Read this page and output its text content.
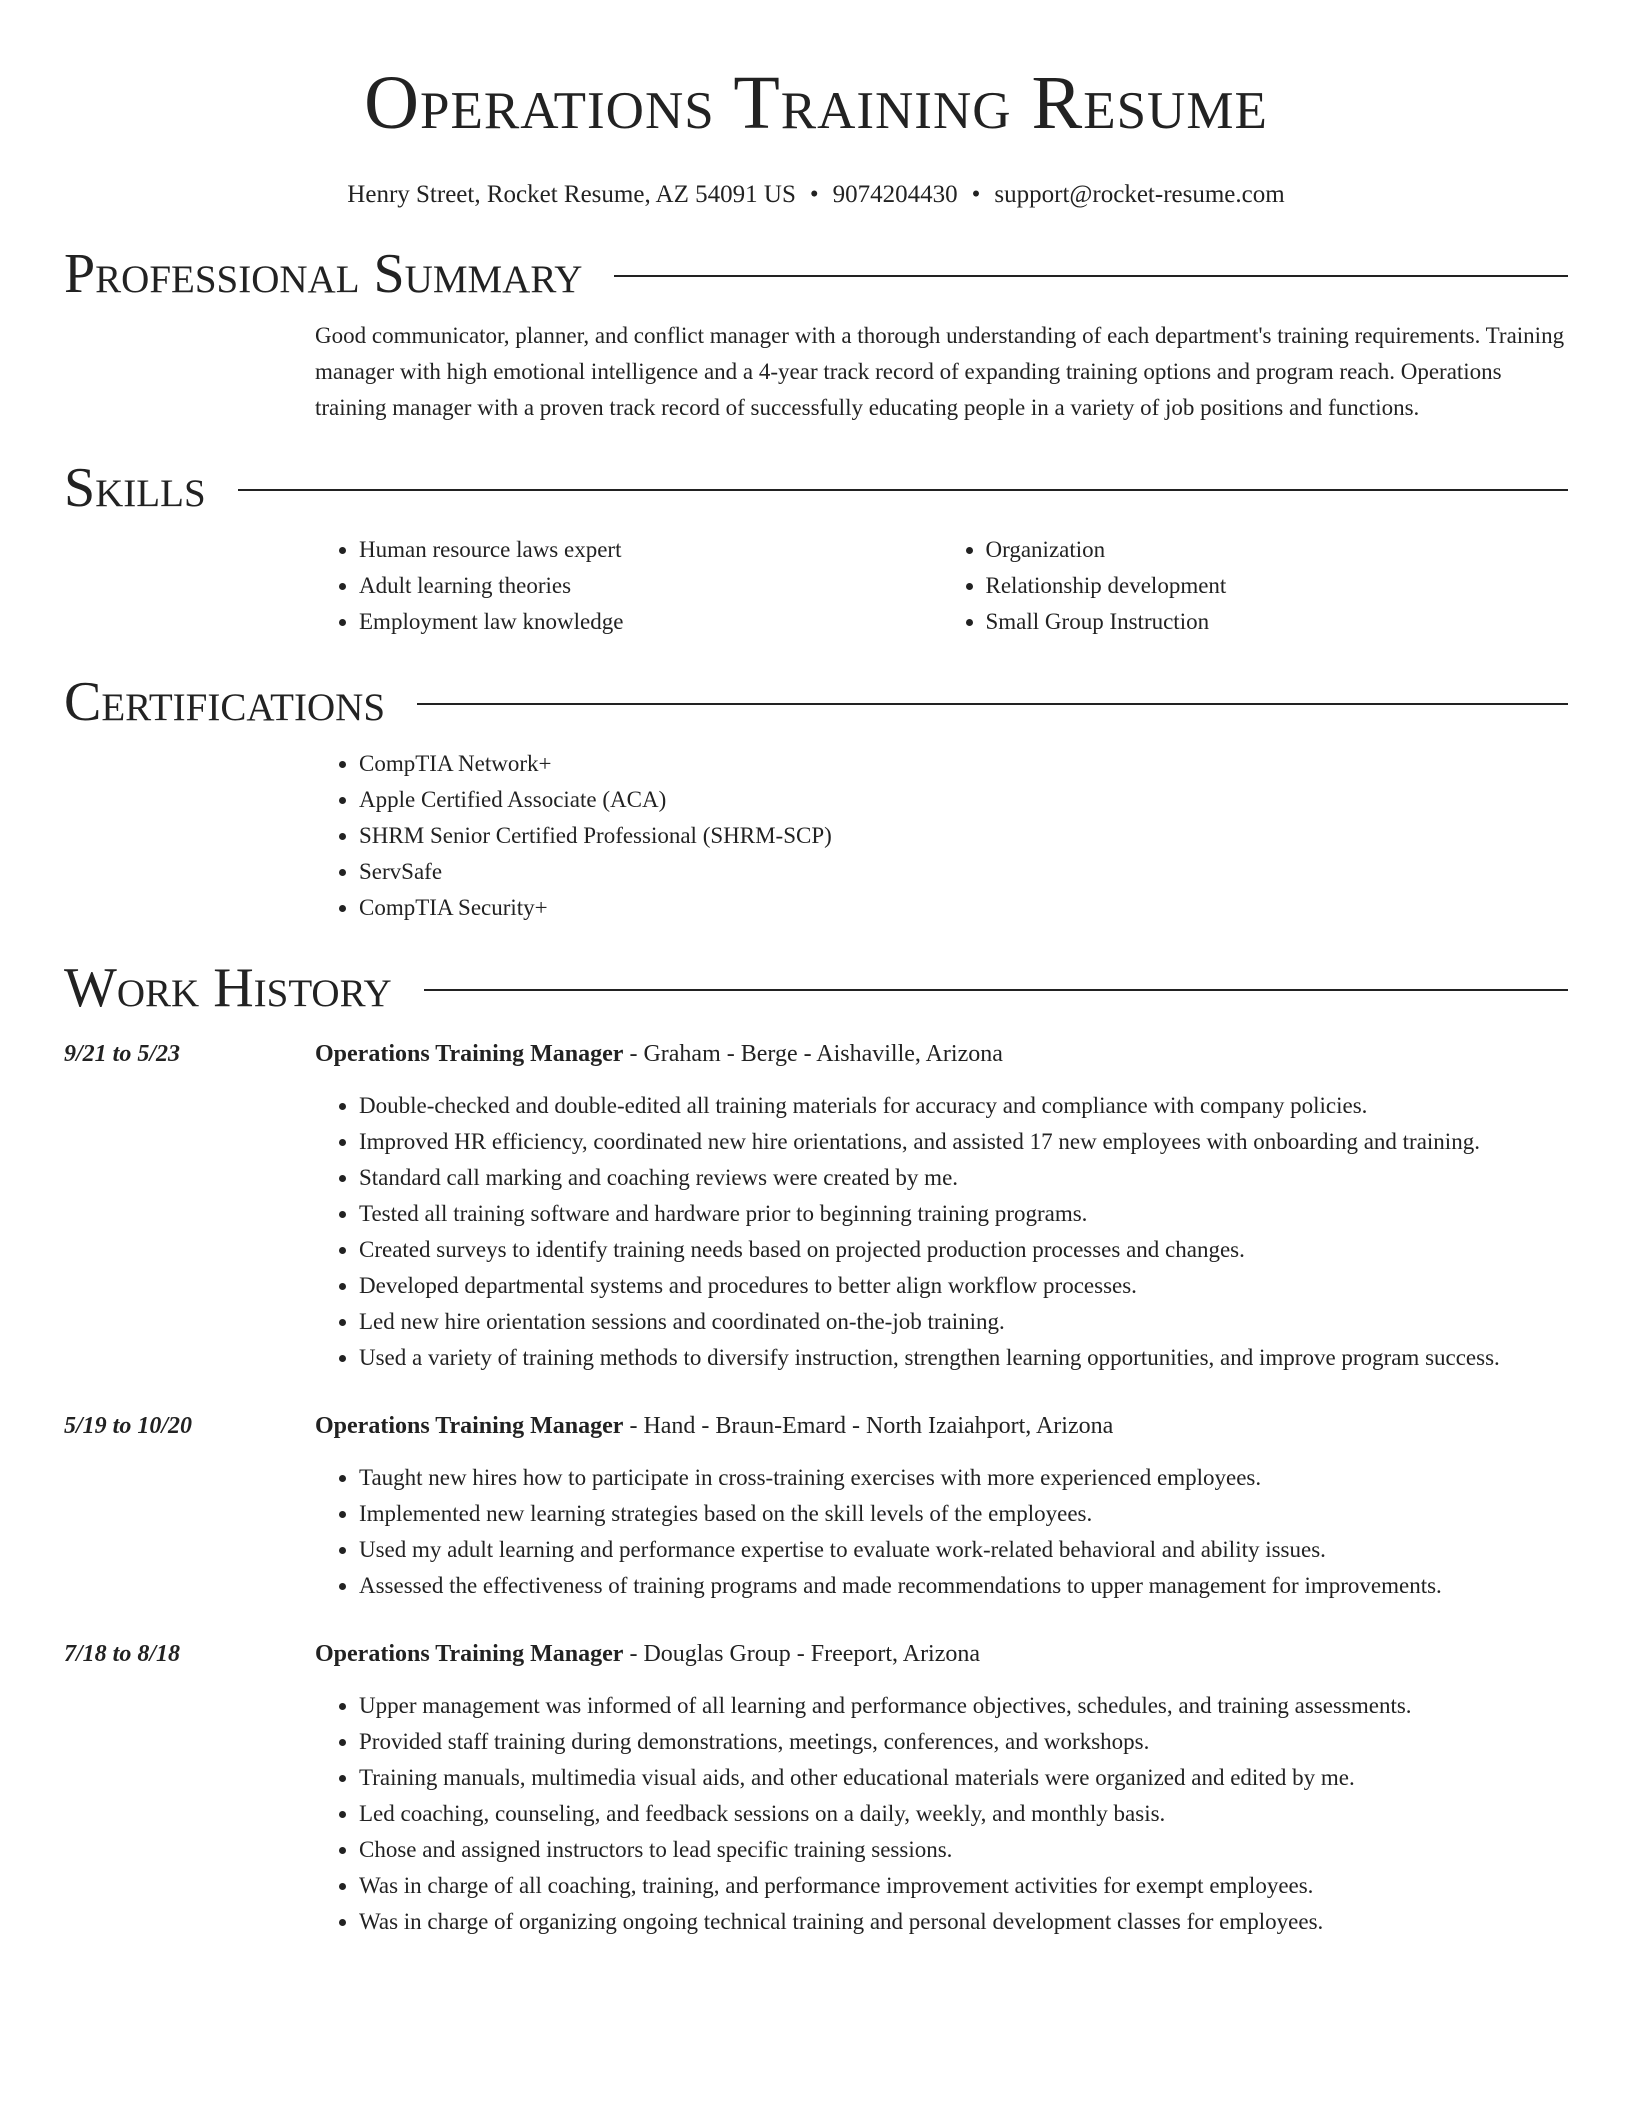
Operations Training Resume
Henry Street, Rocket Resume, AZ 54091 US • 9074204430 • support@rocket-resume.com
Professional Summary
Good communicator, planner, and conflict manager with a thorough understanding of each department's training requirements. Training manager with high emotional intelligence and a 4-year track record of expanding training options and program reach. Operations training manager with a proven track record of successfully educating people in a variety of job positions and functions.
Skills
• Human resource laws expert
• Adult learning theories
• Employment law knowledge
• Organization
• Relationship development
• Small Group Instruction
Certifications
• CompTIA Network+
• Apple Certified Associate (ACA)
• SHRM Senior Certified Professional (SHRM-SCP)
• ServSafe
• CompTIA Security+
Work History
9/21 to 5/23	Operations Training Manager - Graham - Berge - Aishaville, Arizona
• Double-checked and double-edited all training materials for accuracy and compliance with company policies.
• Improved HR efficiency, coordinated new hire orientations, and assisted 17 new employees with onboarding and training.
• Standard call marking and coaching reviews were created by me.
• Tested all training software and hardware prior to beginning training programs.
• Created surveys to identify training needs based on projected production processes and changes.
• Developed departmental systems and procedures to better align workflow processes.
• Led new hire orientation sessions and coordinated on-the-job training.
• Used a variety of training methods to diversify instruction, strengthen learning opportunities, and improve program success.
5/19 to 10/20	Operations Training Manager - Hand - Braun-Emard - North Izaiahport, Arizona
• Taught new hires how to participate in cross-training exercises with more experienced employees.
• Implemented new learning strategies based on the skill levels of the employees.
• Used my adult learning and performance expertise to evaluate work-related behavioral and ability issues.
• Assessed the effectiveness of training programs and made recommendations to upper management for improvements.
7/18 to 8/18	Operations Training Manager - Douglas Group - Freeport, Arizona
• Upper management was informed of all learning and performance objectives, schedules, and training assessments.
• Provided staff training during demonstrations, meetings, conferences, and workshops.
• Training manuals, multimedia visual aids, and other educational materials were organized and edited by me.
• Led coaching, counseling, and feedback sessions on a daily, weekly, and monthly basis.
• Chose and assigned instructors to lead specific training sessions.
• Was in charge of all coaching, training, and performance improvement activities for exempt employees.
• Was in charge of organizing ongoing technical training and personal development classes for employees.
